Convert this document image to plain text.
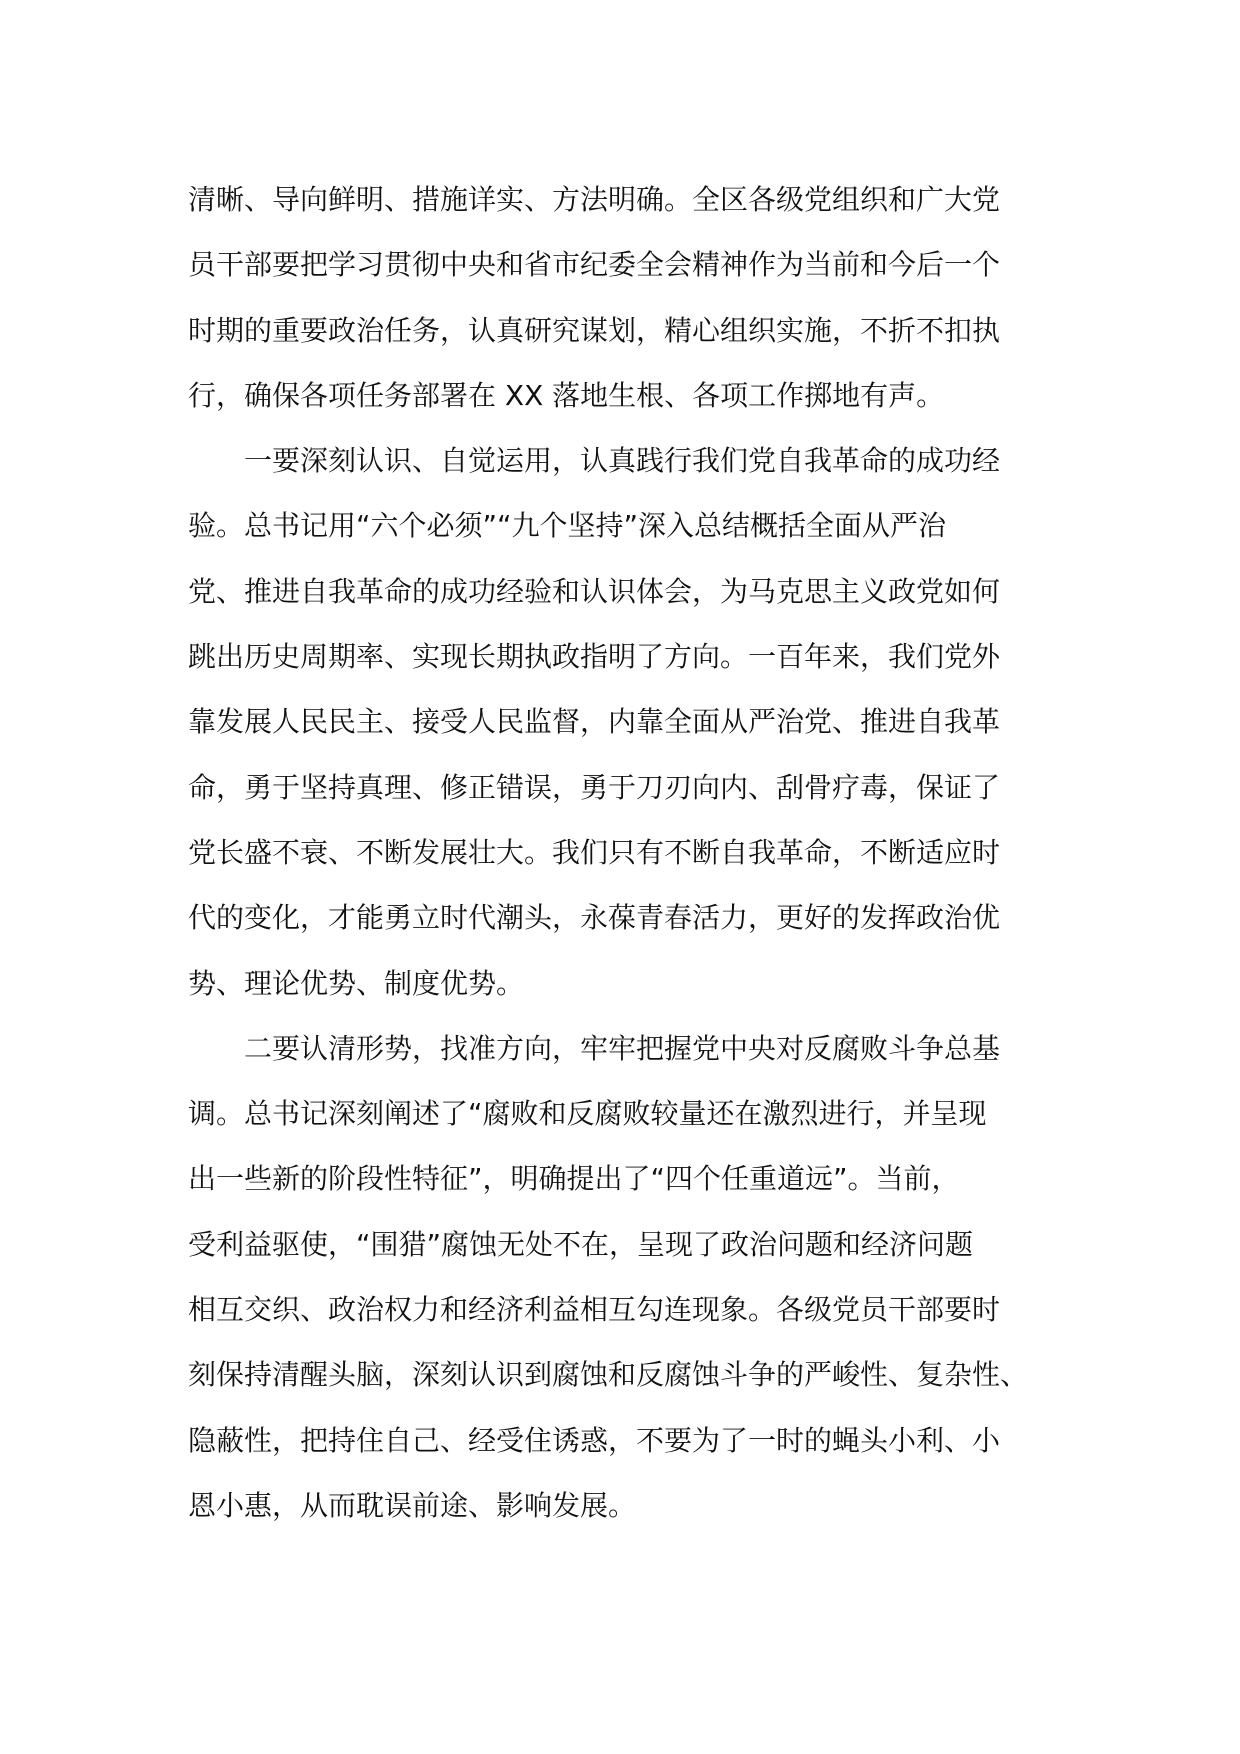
清晰、导向鲜明、措施详实、方法明确。全区各级党组织和广大党
员干部要把学习贯彻中央和省市纪委全会精神作为当前和今后一个
时期的重要政治任务，认真研究谋划，精心组织实施，不折不扣执
行，确保各项任务部署在 XX 落地生根、各项工作掷地有声。
一要深刻认识、自觉运用，认真践行我们党自我革命的成功经
验。总书记用“六个必须”“九个坚持”深入总结概括全面从严治
党、推进自我革命的成功经验和认识体会，为马克思主义政党如何
跳出历史周期率、实现长期执政指明了方向。一百年来，我们党外
靠发展人民民主、接受人民监督，内靠全面从严治党、推进自我革
命，勇于坚持真理、修正错误，勇于刀刃向内、刮骨疗毒，保证了
党长盛不衰、不断发展壮大。我们只有不断自我革命，不断适应时
代的变化，才能勇立时代潮头，永葆青春活力，更好的发挥政治优
势、理论优势、制度优势。
二要认清形势，找准方向，牢牢把握党中央对反腐败斗争总基
调。总书记深刻阐述了“腐败和反腐败较量还在激烈进行，并呈现
出一些新的阶段性特征”，明确提出了“四个任重道远”。当前，
受利益驱使，“围猎”腐蚀无处不在，呈现了政治问题和经济问题
相互交织、政治权力和经济利益相互勾连现象。各级党员干部要时
刻保持清醒头脑，深刻认识到腐蚀和反腐蚀斗争的严峻性、复杂性、
隐蔽性，把持住自己、经受住诱惑，不要为了一时的蝇头小利、小
恩小惠，从而耽误前途、影响发展。
